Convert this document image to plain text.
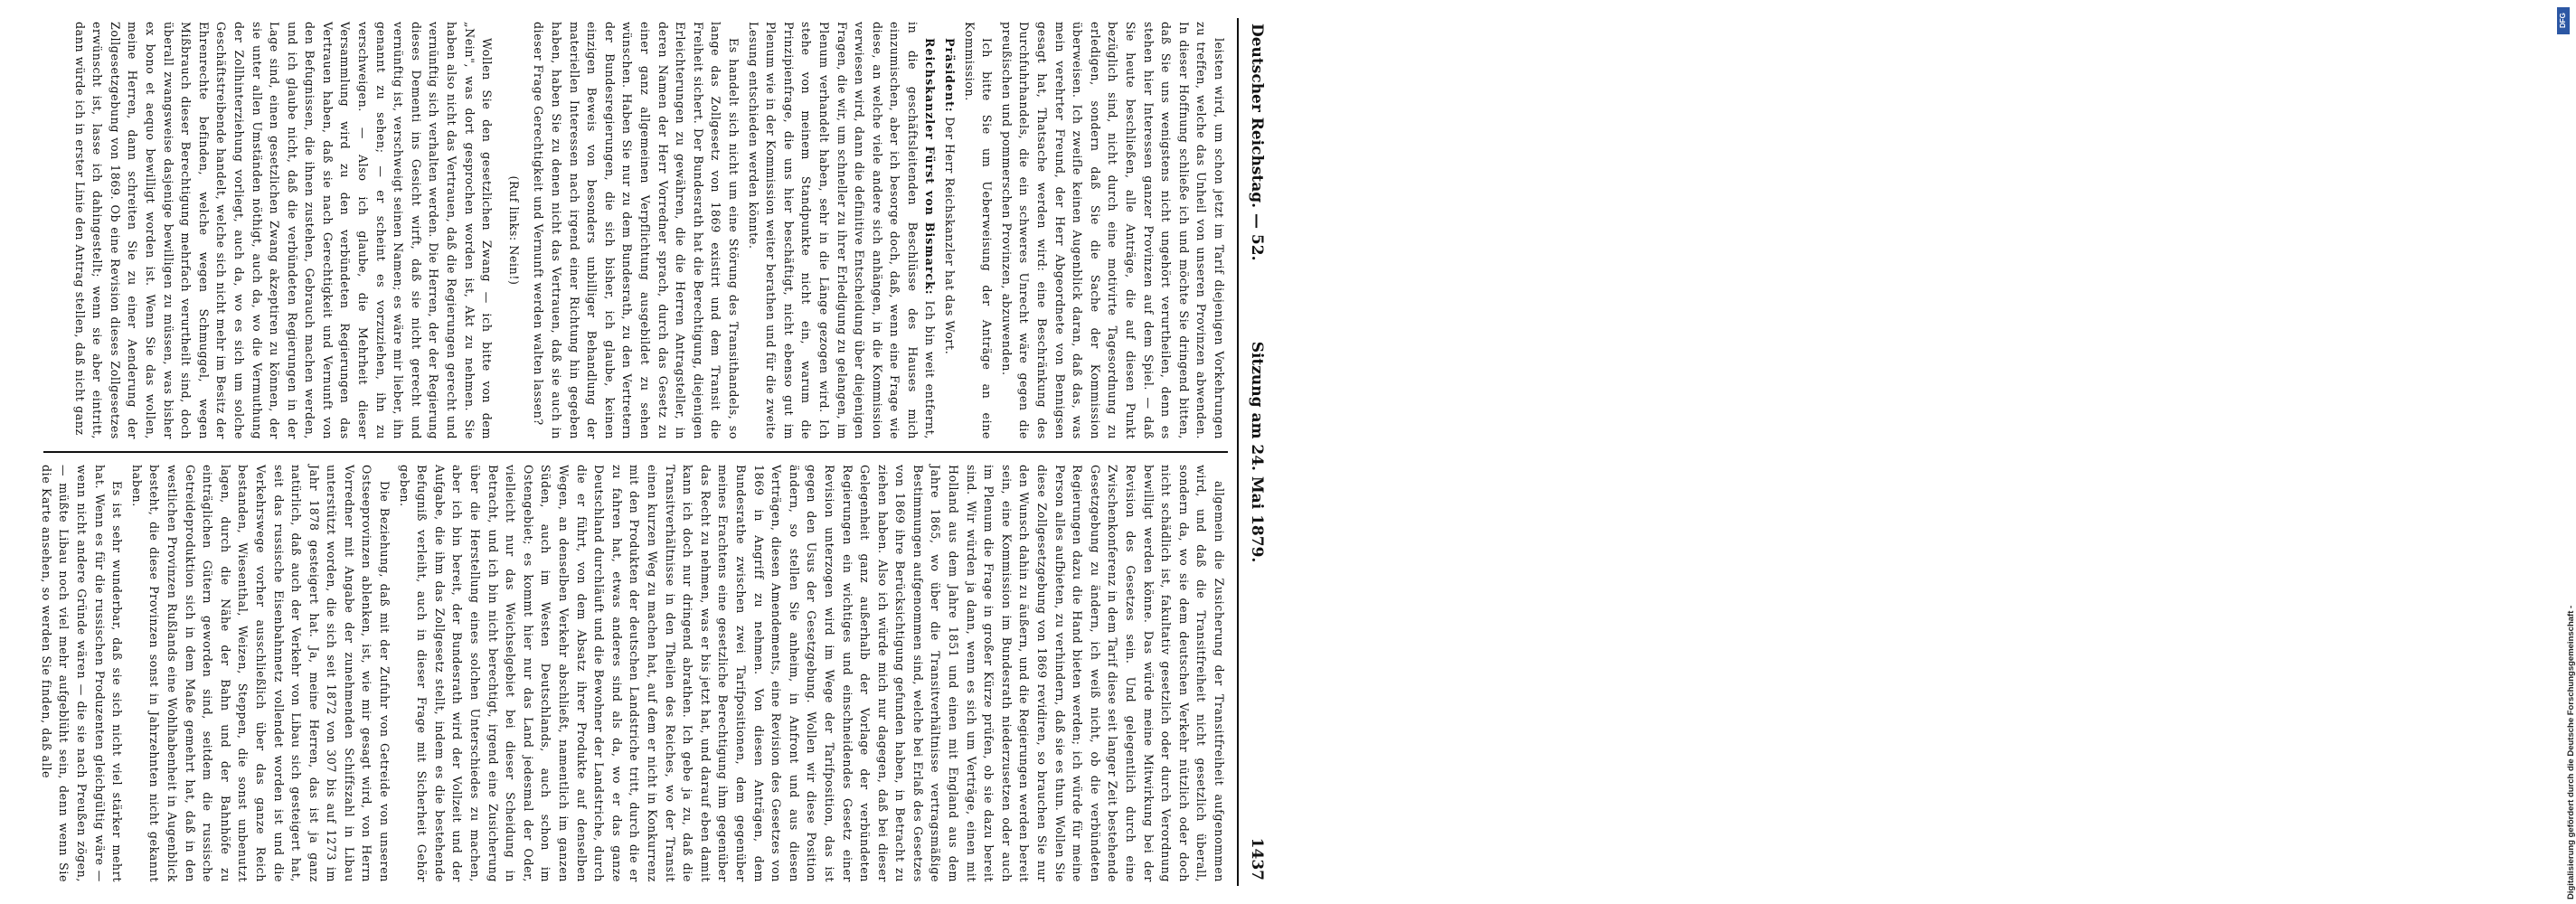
Deutscher Reichstag. — 52.
Sitzung am 24. Mai 1879.
1437

leisten wird, um schon jetzt im Tarif diejenigen Vorkehrungen zu treffen, welche das Unheil von unseren Provinzen abwenden. In dieser Hoffnung schließe ich und möchte Sie dringend bitten, daß Sie uns wenigstens nicht ungehört verurtheilen, denn es stehen hier Interessen ganzer Provinzen auf dem Spiel. — daß Sie heute beschließen, alle Anträge, die auf diesen Punkt bezüglich sind, nicht durch eine motivirte Tagesordnung zu erledigen, sondern daß Sie die Sache der Kommission überweisen. Ich zweifle keinen Augenblick daran, daß das, was mein verehrter Freund, der Herr Abgeordnete von Bennigsen gesagt hat, Thatsache werden wird: eine Beschränkung des Durchfuhrhandels, die ein schweres Unrecht wäre gegen die preußischen und pommerschen Provinzen, abzuwenden.

Ich bitte Sie um Ueberweisung der Anträge an eine Kommission.

Präsident: Der Herr Reichskanzler hat das Wort.

Reichskanzler Fürst von Bismarck: Ich bin weit entfernt, in die geschäftsleitenden Beschlüsse des Hauses mich einzumischen, aber ich besorge doch, daß, wenn eine Frage wie diese, an welche viele andere sich anhängen, in die Kommission verwiesen wird, dann die definitive Entscheidung über diejenigen Fragen, die wir, um schneller zu ihrer Erledigung zu gelangen, im Plenum verhandelt haben, sehr in die Länge gezogen wird. Ich stehe von meinem Standpunkte nicht ein, warum die Prinzipienfrage, die uns hier beschäftigt, nicht ebenso gut im Plenum wie in der Kommission weiter berathen und für die zweite Lesung entschieden werden könnte.

Es handelt sich nicht um eine Störung des Transithandels, so lange das Zollgesetz von 1869 existirt und dem Transit die Freiheit sichert. Der Bundesrath hat die Berechtigung, diejenigen Erleichterungen zu gewähren, die die Herren Antragsteller, in deren Namen der Herr Vorredner sprach, durch das Gesetz zu einer ganz allgemeinen Verpflichtung ausgebildet zu sehen wünschen. Haben Sie nur zu dem Bundesrath, zu den Vertretern der Bundesregierungen, die sich bisher, ich glaube, keinen einzigen Beweis von besonders unbilliger Behandlung der materiellen Interessen nach irgend einer Richtung hin gegeben haben, haben Sie zu denen nicht das Vertrauen, daß sie auch in dieser Frage Gerechtigkeit und Vernunft werden walten lassen?

(Ruf links: Nein!)

Wollen Sie den gesetzlichen Zwang — ich bitte von dem „Nein", was dort gesprochen worden ist, Akt zu nehmen. Sie haben also nicht das Vertrauen, daß die Regierungen gerecht und vernünftig sich verhalten werden. Die Herren, der der Regierung dieses Dementi ins Gesicht wirft, daß sie nicht gerecht und vernünftig ist, verschweigt seinen Namen; es wäre mir lieber, ihn genannt zu sehen; — er scheint es vorzuziehen, ihn zu verschweigen. — Also ich glaube, die Mehrheit dieser Versammlung wird zu den verbündeten Regierungen das Vertrauen haben, daß sie nach Gerechtigkeit und Vernunft von den Befugnissen, die ihnen zustehen, Gebrauch machen werden, und ich glaube nicht, daß die verbündeten Regierungen in der Lage sind, einen gesetzlichen Zwang akzeptiren zu können, der sie unter allen Umständen nöthigt, auch da, wo die Vermuthung der Zollhinterziehung vorliegt, auch da, wo es sich um solche Geschäftstreibende handelt, welche sich nicht mehr im Besitz der Ehrenrechte befinden, welche wegen Schmuggel, wegen Mißbrauch dieser Berechtigung mehrfach verurtheilt sind, doch überall zwangsweise dasjenige bewilligen zu müssen, was bisher ex bono et aequo bewilligt worden ist. Wenn Sie das wollen, meine Herren, dann schreiten Sie zu einer Aenderung der Zollgesetzgebung von 1869. Ob eine Revision dieses Zollgesetzes erwünscht ist, lasse ich dahingestellt; wenn sie aber eintritt, dann würde ich in erster Linie den Antrag stellen, daß nicht ganz

allgemein die Zusicherung der Transitfreiheit aufgenommen wird, und daß die Transitfreiheit nicht gesetzlich überall, sondern da, wo sie dem deutschen Verkehr nützlich oder doch nicht schädlich ist, fakultativ gesetzlich oder durch Verordnung bewilligt werden könne. Das würde meine Mitwirkung bei der Revision des Gesetzes sein. Und gelegentlich durch eine Zwischenkonferenz in dem Tarif diese seit langer Zeit bestehende Gesetzgebung zu ändern, ich weiß nicht, ob die verbündeten Regierungen dazu die Hand bieten werden; ich würde für meine Person alles aufbieten, zu verhindern, daß sie es thun. Wollen Sie diese Zollgesetzgebung von 1869 revidiren, so brauchen Sie nur den Wunsch dahin zu äußern, und die Regierungen werden bereit sein, eine Kommission im Bundesrath niederzusetzen oder auch im Plenum die Frage in großer Kürze prüfen, ob sie dazu bereit sind. Wir würden ja dann, wenn es sich um Verträge, einen mit Holland aus dem Jahre 1851 und einen mit England aus dem Jahre 1865, wo über die Transitverhältnisse vertragsmäßige Bestimmungen aufgenommen sind, welche bei Erlaß des Gesetzes von 1869 ihre Berücksichtigung gefunden haben, in Betracht zu ziehen haben. Also ich würde mich nur dagegen, daß bei dieser Gelegenheit ganz außerhalb der Vorlage der verbündeten Regierungen ein wichtiges und einschneidendes Gesetz einer Revision unterzogen wird im Wege der Tarifposition, das ist gegen den Usus der Gesetzgebung. Wollen wir diese Position ändern, so stellen Sie anheim, in Anfront und aus diesen Verträgen, diesen Amendements, eine Revision des Gesetzes von 1869 in Angriff zu nehmen. Von diesen Anträgen, dem Bundesrathe zwischen zwei Tarifpositionen, dem gegenüber meines Erachtens eine gesetzliche Berechtigung ihm gegenüber das Recht zu nehmen, was er bis jetzt hat, und darauf eben damit kann ich doch nur dringend abrathen. Ich gebe ja zu, daß die Transitverhältnisse in den Theilen des Reiches, wo der Transit einen kurzen Weg zu machen hat, auf dem er nicht in Konkurrenz mit den Produkten der deutschen Landstriche tritt, durch die er zu fahren hat, etwas anderes sind als da, wo er das ganze Deutschland durchläuft und die Bewohner der Landstriche, durch die er führt, von dem Absatz ihrer Produkte auf denselben Wegen, an denselben Verkehr abschließt, namentlich im ganzen Süden, auch im Westen Deutschlands, auch schon im Ostengebiet; es kommt hier nur das Land jedesmal der Oder, vielleicht nur das Weichselgebiet bei dieser Scheidung in Betracht, und ich bin nicht berechtigt, irgend eine Zusicherung über die Herstellung eines solchen Unterschiedes zu machen, aber ich bin bereit, der Bundesrath wird der Vollzeit und der Aufgabe, die ihm das Zollgesetz stellt, indem es die bestehende Befugniß verleiht, auch in dieser Frage mit Sicherheit Gehör geben.

Die Beziehung, daß mit der Zufuhr von Getreide von unseren Ostseeprovinzen ablenken, ist, wie mir gesagt wird, von Herrn Vorredner mit Angabe der zunehmenden Schiffszahl in Libau unterstützt worden, die sich seit 1872 von 307 bis auf 1273 im Jahr 1878 gesteigert hat. Ja, meine Herren, das ist ja ganz natürlich, daß auch der Verkehr von Libau sich gesteigert hat, seit das russische Eisenbahnnetz vollendet worden ist und die Verkehrswege vorher ausschließlich über das ganze Reich bestanden, Wiesenthal, Weizen, Steppen, die sonst unbenutzt lagen, durch die Nähe der Bahn und der Bahnhöfe zu einträglichen Gütern geworden sind, seitdem die russische Getreideproduktion sich in dem Maße gemehrt hat, daß in den westlichen Provinzen Rußlands eine Wohlhabenheit in Augenblick besteht, die diese Provinzen sonst in Jahrzehnten nicht gekannt haben.

Es ist sehr wunderbar, daß sie sich nicht viel stärker mehrt hat. Wenn es für die russischen Produzenten gleichgültig wäre — wenn nicht andere Gründe wären — die sie nach Preußen zögen, — müßte Libau noch viel mehr aufgeblüht sein, denn wenn Sie die Karte ansehen, so werden Sie finden, daß alle

DFG
Digitalisierung gefördert durch die Deutsche Forschungsgemeinschaft -
